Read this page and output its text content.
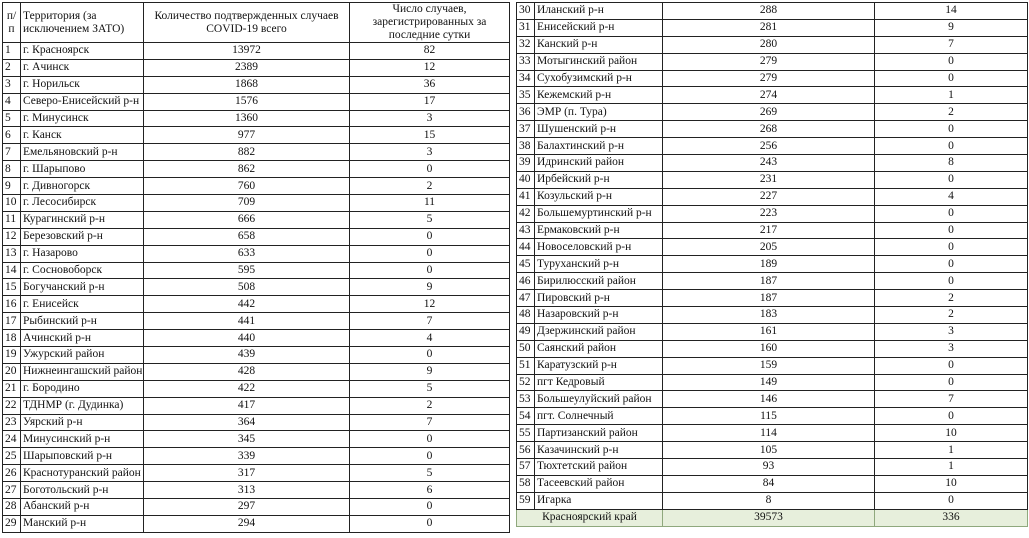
п/п	Территория (за исключением ЗАТО)	Количество подтвержденных случаев COVID-19 всего	Число случаев, зарегистрированных за последние сутки
1	г. Красноярск	13972	82
2	г. Ачинск	2389	12
3	г. Норильск	1868	36
4	Северо-Енисейский р-н	1576	17
5	г. Минусинск	1360	3
6	г. Канск	977	15
7	Емельяновский р-н	882	3
8	г. Шарыпово	862	0
9	г. Дивногорск	760	2
10	г. Лесосибирск	709	11
11	Курагинский р-н	666	5
12	Березовский р-н	658	0
13	г. Назарово	633	0
14	г. Сосновоборск	595	0
15	Богучанский р-н	508	9
16	г. Енисейск	442	12
17	Рыбинский р-н	441	7
18	Ачинский р-н	440	4
19	Ужурский район	439	0
20	Нижнеингашский район	428	9
21	г. Бородино	422	5
22	ТДНМР (г. Дудинка)	417	2
23	Уярский р-н	364	7
24	Минусинский р-н	345	0
25	Шарыповский р-н	339	0
26	Краснотуранский район	317	5
27	Боготольский р-н	313	6
28	Абанский р-н	297	0
29	Манский р-н	294	0
30	Иланский р-н	288	14
31	Енисейский р-н	281	9
32	Канский р-н	280	7
33	Мотыгинский район	279	0
34	Сухобузимский р-н	279	0
35	Кежемский р-н	274	1
36	ЭМР (п. Тура)	269	2
37	Шушенский р-н	268	0
38	Балахтинский р-н	256	0
39	Идринский район	243	8
40	Ирбейский р-н	231	0
41	Козульский р-н	227	4
42	Большемуртинский р-н	223	0
43	Ермаковский р-н	217	0
44	Новоселовский р-н	205	0
45	Туруханский р-н	189	0
46	Бирилюсский район	187	0
47	Пировский р-н	187	2
48	Назаровский р-н	183	2
49	Дзержинский район	161	3
50	Саянский район	160	3
51	Каратузский р-н	159	0
52	пгт Кедровый	149	0
53	Большеулуйский район	146	7
54	пгт. Солнечный	115	0
55	Партизанский район	114	10
56	Казачинский р-н	105	1
57	Тюхтетский район	93	1
58	Тасеевский район	84	10
59	Игарка	8	0
Красноярский край		39573	336
